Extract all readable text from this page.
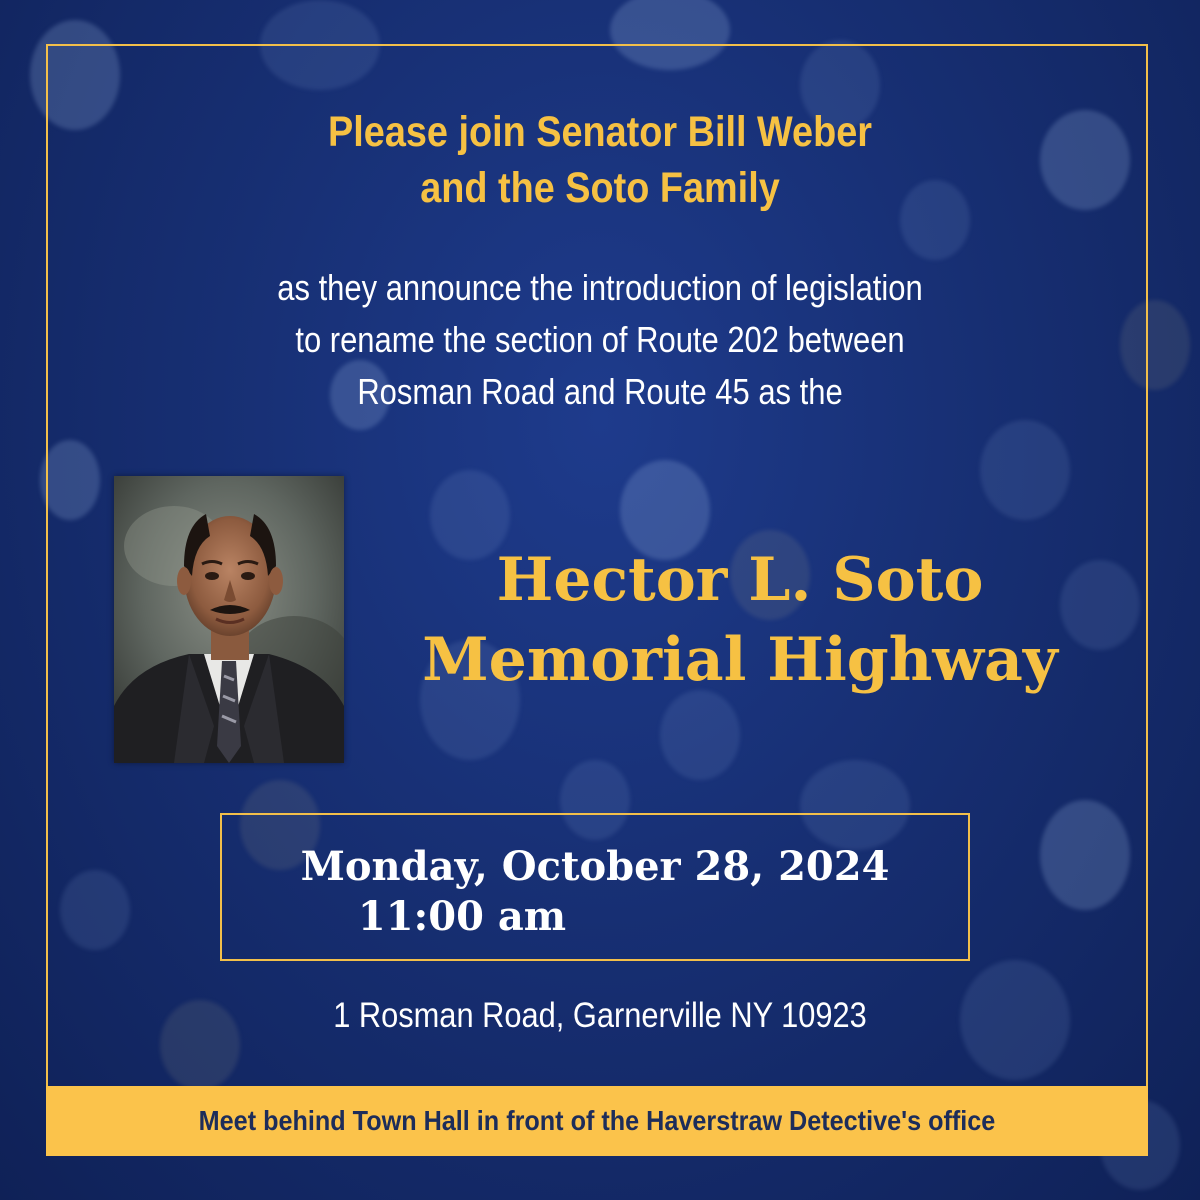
Please join Senator Bill Weber
and the Soto Family
as they announce the introduction of legislation
to rename the section of Route 202 between
Rosman Road and Route 45 as the
Hector L. Soto
Memorial Highway
Monday, October 28, 2024
11:00 am
1 Rosman Road, Garnerville NY 10923
Meet behind Town Hall in front of the Haverstraw Detective's office
